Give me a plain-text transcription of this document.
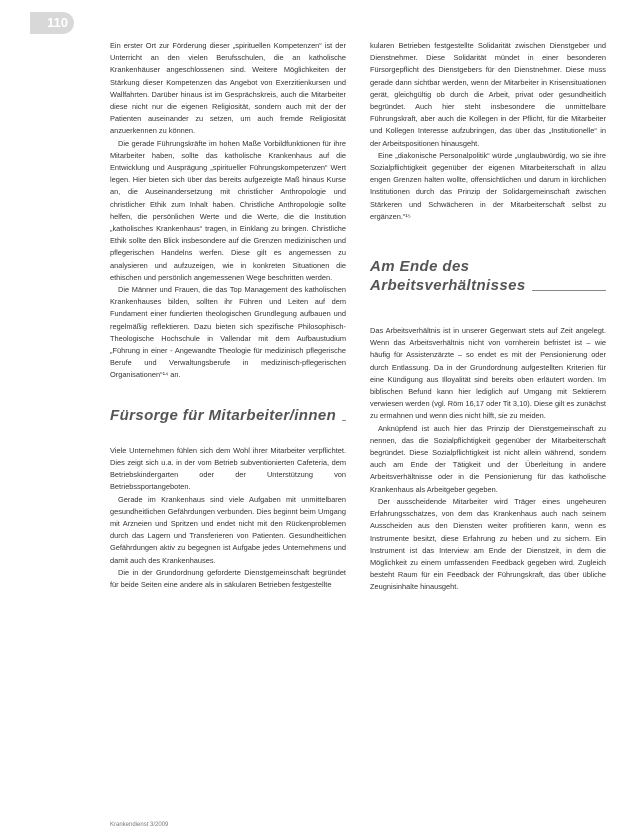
110

Ein erster Ort zur Förderung dieser „spirituellen Kompetenzen“ ist der Unterricht an den vielen Berufsschulen, die an katholische Krankenhäuser angeschlossenen sind. Weitere Möglichkeiten der Stärkung dieser Kompetenzen das Angebot von Exerzitienkursen und Wallfahrten. Darüber hinaus ist im Gesprächskreis, auch die Mitarbeiter diese nicht nur die eigenen Religiosität, sondern auch mit der der Patienten auseinander zu setzen, um auch fremde Religiosität anzuerkennen zu können.

Die gerade Führungskräfte im hohen Maße Vorbildfunktionen für ihre Mitarbeiter haben, sollte das katholische Krankenhaus auf die Entwicklung und Ausprägung „spiritueller Führungskompetenzen“ Wert legen. Hier bieten sich über das bereits aufgezeigte Maß hinaus Kurse an, die Auseinandersetzung mit christlicher Anthropologie und christlicher Ethik zum Inhalt haben. Christliche Anthropologie sollte helfen, die persönlichen Werte und die Werte, die die Institution „katholisches Krankenhaus“ tragen, in Einklang zu bringen. Christliche Ethik sollte den Blick insbesondere auf die Grenzen medizinischen und pflegerischen Handelns werfen. Diese gilt es angemessen zu analysieren und aufzuzeigen, wie in konkreten Situationen die ethischen und persönlich angemessenen Wege beschritten werden.

Die Männer und Frauen, die das Top Management des katholischen Krankenhauses bilden, sollten ihr Führen und Leiten auf dem Fundament einer fundierten theologischen Grundlegung aufbauen und regelmäßig reflektieren. Dazu bieten sich spezifische Philosophisch-Theologische Hochschule in Vallendar mit dem Aufbaustudium „Führung in einer - Angewandte Theologie für medizinisch pflegerische Berufe und Verwaltungsberufe in medizinisch-pflegerischen Organisationen“¹⁴ an.

Fürsorge für Mitarbeiter/innen

Viele Unternehmen fühlen sich dem Wohl ihrer Mitarbeiter verpflichtet. Dies zeigt sich u.a. in der vom Betrieb subventionierten Cafeteria, dem Betriebskindergarten oder der Unterstützung von Betriebssportangeboten.

Gerade im Krankenhaus sind viele Aufgaben mit unmittelbaren gesundheitlichen Gefährdungen verbunden. Dies beginnt beim Umgang mit Arzneien und Spritzen und endet nicht mit den Rückenproblemen durch das Lagern und Transferieren von Patienten. Gesundheitlichen Gefährdungen aktiv zu begegnen ist Aufgabe jedes Unternehmens und damit auch des Krankenhauses.

Die in der Grundordnung geforderte Dienstgemeinschaft begründet für beide Seiten eine andere als in säkularen Betrieben festgestellte

kularen Betrieben festgestellte Solidarität zwischen Dienstgeber und Dienstnehmer. Diese Solidarität mündet in einer besonderen Fürsorgepflicht des Dienstgebers für den Dienstnehmer. Diese muss gerade dann sichtbar werden, wenn der Mitarbeiter in Krisensituationen gerät, gleichgültig ob durch die Arbeit, privat oder gesundheitlich begründet. Auch hier steht insbesondere die unmittelbare Führungskraft, aber auch die Kollegen in der Pflicht, für die Mitarbeiter und Kollegen Interesse aufzubringen, das über das „Institutionelle“ in der Arbeitspositionen hinausgeht.

Eine „diakonische Personalpolitik“ würde „unglaubwürdig, wo sie ihre Sozialpflichtigkeit gegenüber der eigenen Mitarbeiterschaft in allzu engen Grenzen halten wollte, offensichtlichen und darum in kirchlichen Institutionen durch das Prinzip der Solidargemeinschaft zwischen Stärkeren und Schwächeren in der Mitarbeiterschaft selbst zu ergänzen.“¹⁵

Am Ende des
Arbeitsverhältnisses

Das Arbeitsverhältnis ist in unserer Gegenwart stets auf Zeit angelegt. Wenn das Arbeitsverhältnis nicht von vornherein befristet ist – wie häufig für Assistenzärzte – so endet es mit der Pensionierung oder durch Entlassung. Da in der Grundordnung aufgestellten Kriterien für eine Kündigung aus Illoyalität sind bereits oben erläutert worden. Im biblischen Befund kann hier lediglich auf Umgang mit Sektierern verwiesen werden (vgl. Röm 16,17 oder Tit 3,10). Diese gilt es zunächst zu ermahnen und wenn dies nicht hilft, sie zu meiden.

Anknüpfend ist auch hier das Prinzip der Dienstgemeinschaft zu nennen, das die Sozialpflichtigkeit gegenüber der Mitarbeiterschaft begründet. Diese Sozialpflichtigkeit ist nicht allein während, sondern auch am Ende der Tätigkeit und der Überleitung in andere Arbeitsverhältnisse oder in die Pensionierung für das katholische Krankenhaus als Arbeitgeber gegeben.

Der ausscheidende Mitarbeiter wird Träger eines ungeheuren Erfahrungsschatzes, von dem das Krankenhaus auch nach seinem Ausscheiden aus den Diensten weiter profitieren kann, wenn es Instrumente besitzt, diese Erfahrung zu heben und zu sichern. Ein Instrument ist das Interview am Ende der Dienstzeit, in dem die Möglichkeit zu einem umfassenden Feedback gegeben wird. Zugleich besteht Raum für ein Feedback der Führungskraft, das über übliche Zeugnisinhalte hinausgeht.

Krankendienst 3/2009
